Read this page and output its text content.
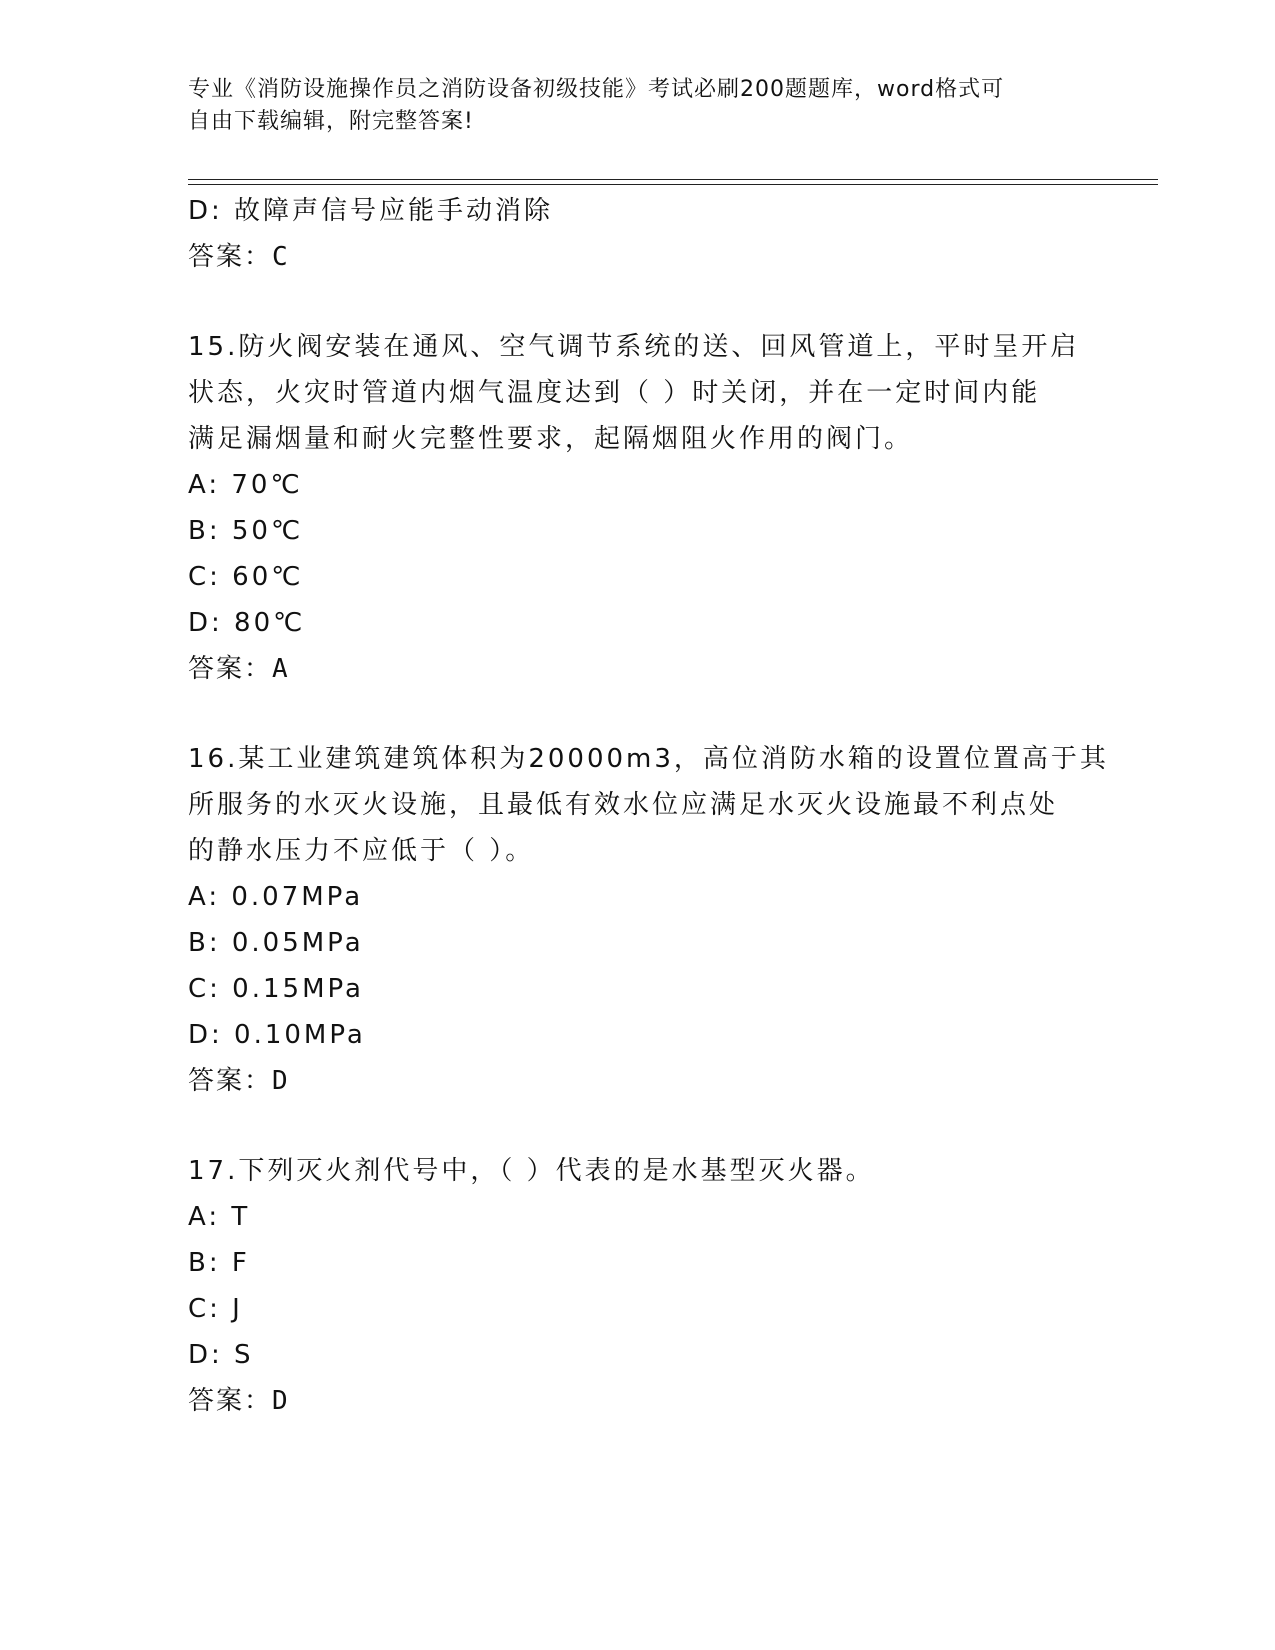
专业《消防设施操作员之消防设备初级技能》考试必刷200题题库，word格式可
自由下载编辑，附完整答案!
D: 故障声信号应能手动消除
答案：C
15.防火阀安装在通风、空气调节系统的送、回风管道上，平时呈开启
状态，火灾时管道内烟气温度达到（ ）时关闭，并在一定时间内能
满足漏烟量和耐火完整性要求，起隔烟阻火作用的阀门。
A: 70℃
B: 50℃
C: 60℃
D: 80℃
答案：A
16.某工业建筑建筑体积为20000m3，高位消防水箱的设置位置高于其
所服务的水灭火设施，且最低有效水位应满足水灭火设施最不利点处
的静水压力不应低于（ ）。
A: 0.07MPa
B: 0.05MPa
C: 0.15MPa
D: 0.10MPa
答案：D
17.下列灭火剂代号中，（ ）代表的是水基型灭火器。
A: T
B: F
C: J
D: S
答案：D
